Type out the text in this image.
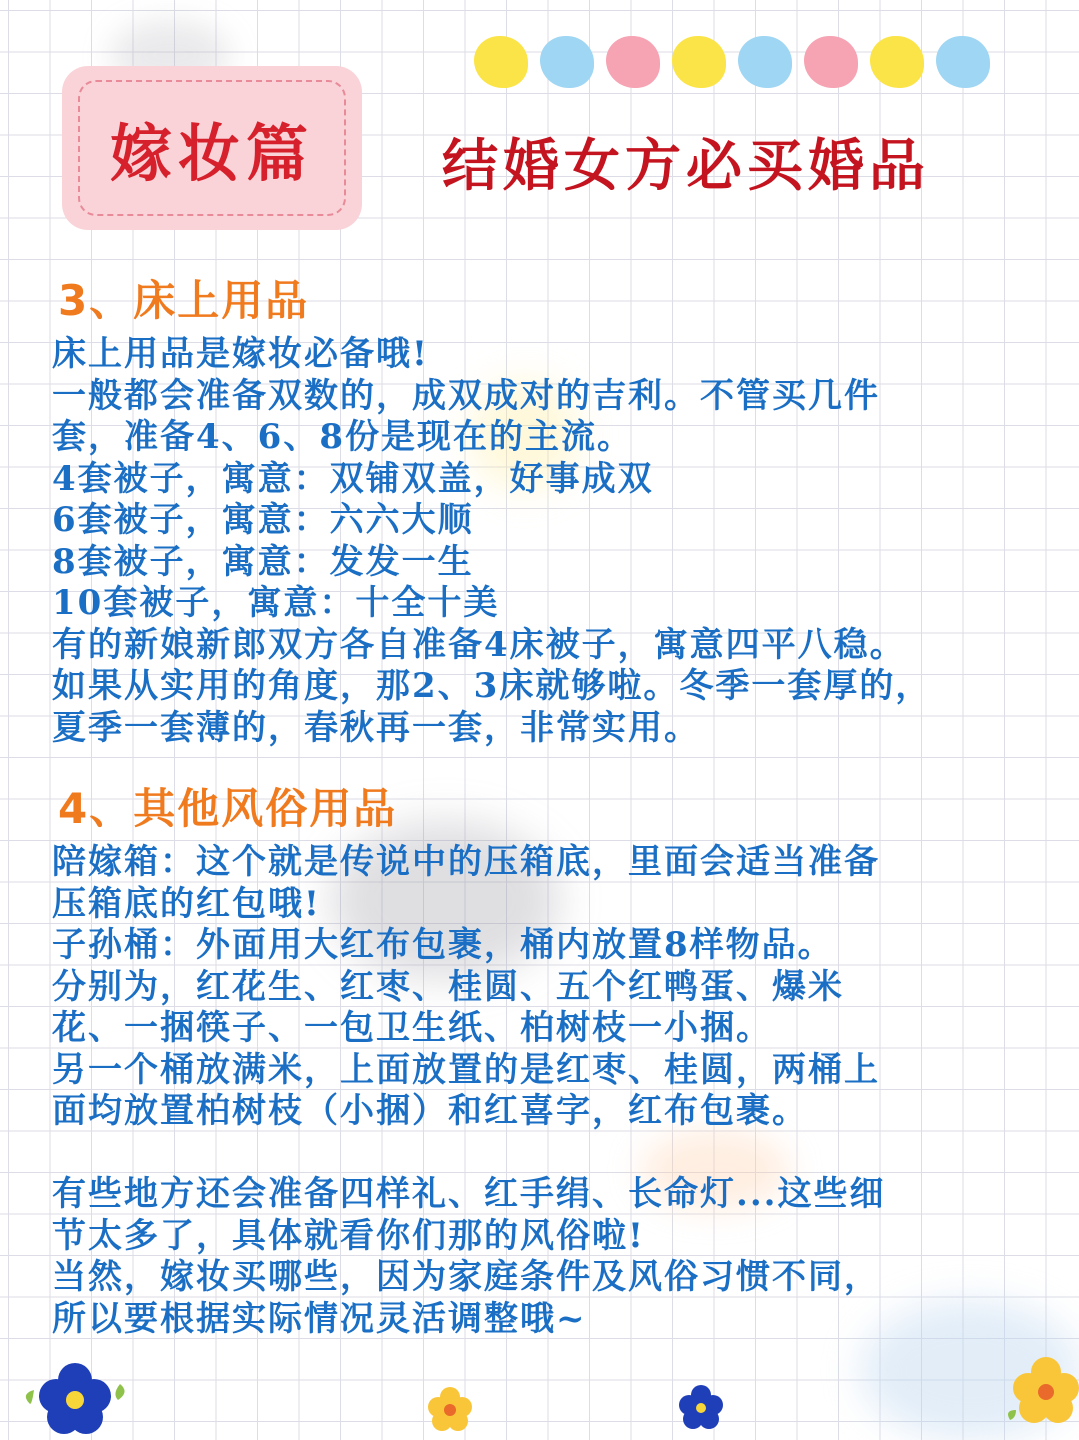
嫁妆篇 结婚女方必买婚品
3、床上用品
床上用品是嫁妆必备哦!
一般都会准备双数的，成双成对的吉利。不管买几件
套，准备4、6、8份是现在的主流。
4套被子，寓意：双铺双盖，好事成双
6套被子，寓意：六六大顺
8套被子，寓意：发发一生
10套被子，寓意：十全十美
有的新娘新郎双方各自准备4床被子，寓意四平八稳。
如果从实用的角度，那2、3床就够啦。冬季一套厚的，
夏季一套薄的，春秋再一套，非常实用。
4、其他风俗用品
陪嫁箱：这个就是传说中的压箱底，里面会适当准备
压箱底的红包哦!
子孙桶：外面用大红布包裹，桶内放置8样物品。
分别为，红花生、红枣、桂圆、五个红鸭蛋、爆米
花、一捆筷子、一包卫生纸、柏树枝一小捆。
另一个桶放满米，上面放置的是红枣、桂圆，两桶上
面均放置柏树枝（小捆）和红喜字，红布包裹。
有些地方还会准备四样礼、红手绢、长命灯...这些细
节太多了，具体就看你们那的风俗啦!
当然，嫁妆买哪些，因为家庭条件及风俗习惯不同，
所以要根据实际情况灵活调整哦~
